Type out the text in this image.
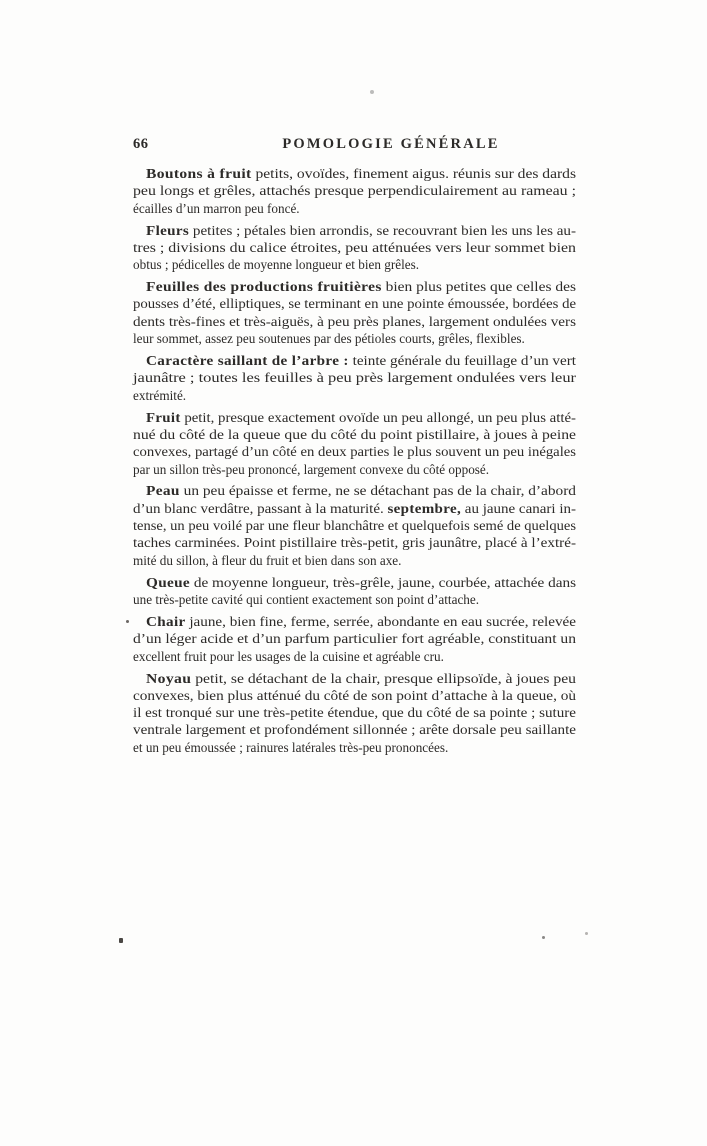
66	POMOLOGIE GÉNÉRALE
Boutons à fruit petits, ovoïdes, finement aigus. réunis sur des dards
peu longs et grêles, attachés presque perpendiculairement au rameau ;
écailles d’un marron peu foncé.
Fleurs petites ; pétales bien arrondis, se recouvrant bien les uns les au-
tres ; divisions du calice étroites, peu atténuées vers leur sommet bien
obtus ; pédicelles de moyenne longueur et bien grêles.
Feuilles des productions fruitières bien plus petites que celles des
pousses d’été, elliptiques, se terminant en une pointe émoussée, bordées de
dents très-fines et très-aiguës, à peu près planes, largement ondulées vers
leur sommet, assez peu soutenues par des pétioles courts, grêles, flexibles.
Caractère saillant de l’arbre : teinte générale du feuillage d’un vert
jaunâtre ; toutes les feuilles à peu près largement ondulées vers leur
extrémité.
Fruit petit, presque exactement ovoïde un peu allongé, un peu plus atté-
nué du côté de la queue que du côté du point pistillaire, à joues à peine
convexes, partagé d’un côté en deux parties le plus souvent un peu inégales
par un sillon très-peu prononcé, largement convexe du côté opposé.
Peau un peu épaisse et ferme, ne se détachant pas de la chair, d’abord
d’un blanc verdâtre, passant à la maturité. septembre, au jaune canari in-
tense, un peu voilé par une fleur blanchâtre et quelquefois semé de quelques
taches carminées. Point pistillaire très-petit, gris jaunâtre, placé à l’extré-
mité du sillon, à fleur du fruit et bien dans son axe.
Queue de moyenne longueur, très-grêle, jaune, courbée, attachée dans
une très-petite cavité qui contient exactement son point d’attache.
Chair jaune, bien fine, ferme, serrée, abondante en eau sucrée, relevée
d’un léger acide et d’un parfum particulier fort agréable, constituant un
excellent fruit pour les usages de la cuisine et agréable cru.
Noyau petit, se détachant de la chair, presque ellipsoïde, à joues peu
convexes, bien plus atténué du côté de son point d’attache à la queue, où
il est tronqué sur une très-petite étendue, que du côté de sa pointe ; suture
ventrale largement et profondément sillonnée ; arête dorsale peu saillante
et un peu émoussée ; rainures latérales très-peu prononcées.
